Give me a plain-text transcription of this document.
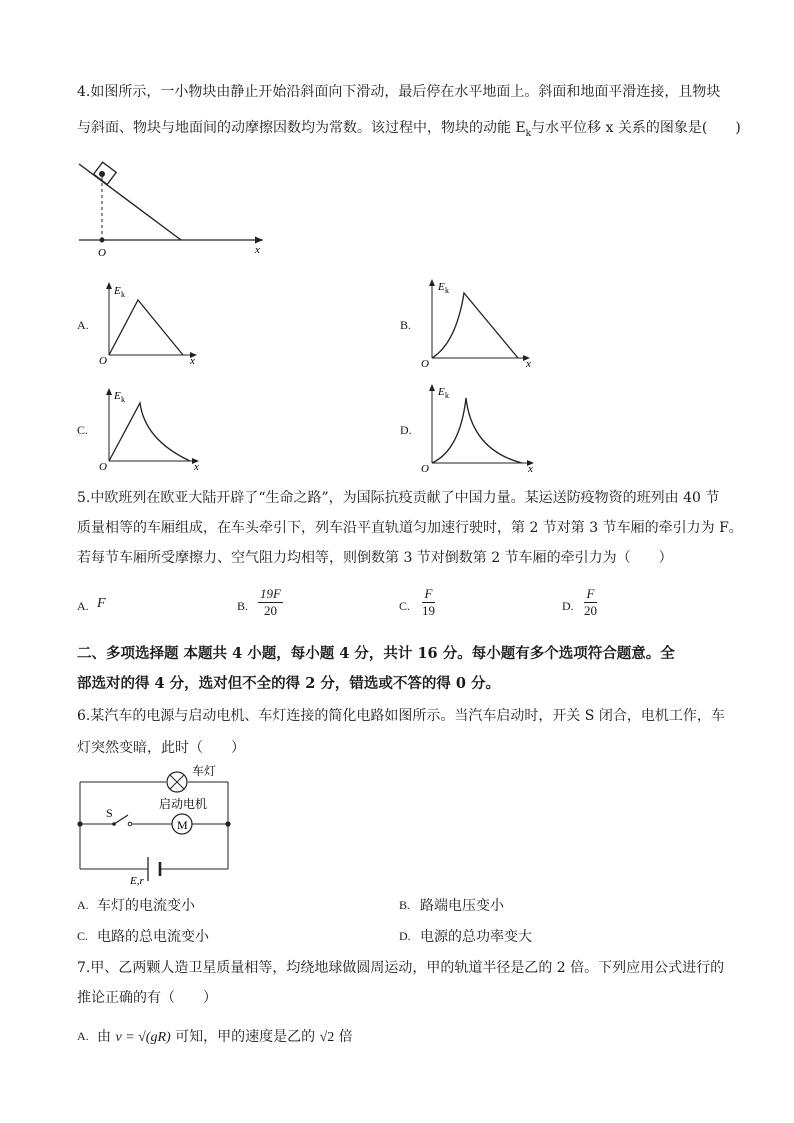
4.如图所示，一小物块由静止开始沿斜面向下滑动，最后停在水平地面上。斜面和地面平滑连接，且物块
与斜面、物块与地面间的动摩擦因数均为常数。该过程中，物块的动能 $E_k$与水平位移 x 关系的图象是(　　)
O	x
A.
E k
O	x
B.
E k
O	x
C.
E k
O	x
D.
E k
O	x
5.中欧班列在欧亚大陆开辟了“生命之路”，为国际抗疫贡献了中国力量。某运送防疫物资的班列由 40 节
质量相等的车厢组成，在车头牵引下，列车沿平直轨道匀加速行驶时，第 2 节对第 3 节车厢的牵引力为 F。
若每节车厢所受摩擦力、空气阻力均相等，则倒数第 3 节对倒数第 2 节车厢的牵引力为（　　）
A. F	B. $\frac{19F}{20}$	C. $\frac{F}{19}$	D. $\frac{F}{20}$
二、多项选择题 本题共 4 小题，每小题 4 分，共计 16 分。每小题有多个选项符合题意。全
部选对的得 4 分，选对但不全的得 2 分，错选或不答的得 0 分。
6.某汽车的电源与启动电机、车灯连接的简化电路如图所示。当汽车启动时，开关 S 闭合，电机工作，车
灯突然变暗，此时（　　）
车灯
M
S
启动电机
E,r
A. 车灯的电流变小	B. 路端电压变小
C. 电路的总电流变小	D. 电源的总功率变大
7.甲、乙两颗人造卫星质量相等，均绕地球做圆周运动，甲的轨道半径是乙的 2 倍。下列应用公式进行的
推论正确的有（　　）
A. 由 v = √(gR) 可知，甲的速度是乙的 √2 倍
